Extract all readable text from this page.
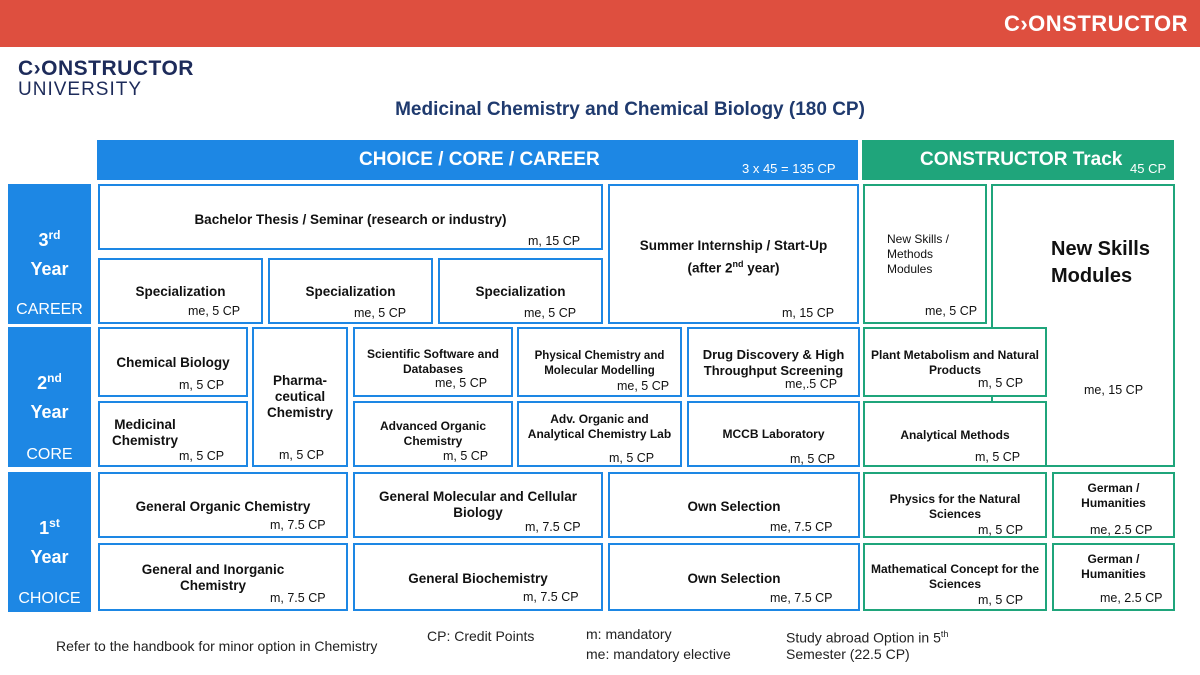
C›ONSTRUCTOR
C›ONSTRUCTOR
UNIVERSITY
Medicinal Chemistry and Chemical Biology (180 CP)
CHOICE / CORE / CAREER	3 x 45 = 135 CP	CONSTRUCTOR Track 45 CP
3rd
Year
CAREER
2nd
Year
CORE
1st
Year
CHOICE
Bachelor Thesis / Seminar (research or industry)
m, 15 CP
Specialization
me, 5 CP
Specialization
me, 5 CP
Specialization
me, 5 CP
Summer Internship / Start-Up
(after 2nd year)
m, 15 CP
New Skills / Methods Modules
me, 5 CP
New Skills Modules
me, 15 CP
Chemical Biology
m, 5 CP
Medicinal Chemistry
m, 5 CP
Pharma-ceutical Chemistry
m, 5 CP
Scientific Software and Databases
me, 5 CP
Advanced Organic Chemistry
m, 5 CP
Physical Chemistry and Molecular Modelling
me, 5 CP
Adv. Organic and Analytical Chemistry Lab
m, 5 CP
Drug Discovery & High Throughput Screening
me,.5 CP
MCCB Laboratory
m, 5 CP
Plant Metabolism and Natural Products
m, 5 CP
Analytical Methods
m, 5 CP
General Organic Chemistry
m, 7.5 CP
General and Inorganic Chemistry
m, 7.5 CP
General Molecular and Cellular Biology
m, 7.5 CP
General Biochemistry
m, 7.5 CP
Own Selection
me, 7.5 CP
Own Selection
me, 7.5 CP
Physics for the Natural Sciences
m, 5 CP
Mathematical Concept for the Sciences
m, 5 CP
German / Humanities
me, 2.5 CP
German / Humanities
me, 2.5 CP
Refer to the handbook for minor option in Chemistry
CP: Credit Points	m: mandatory
me: mandatory elective
Study abroad Option in 5th
Semester (22.5 CP)
